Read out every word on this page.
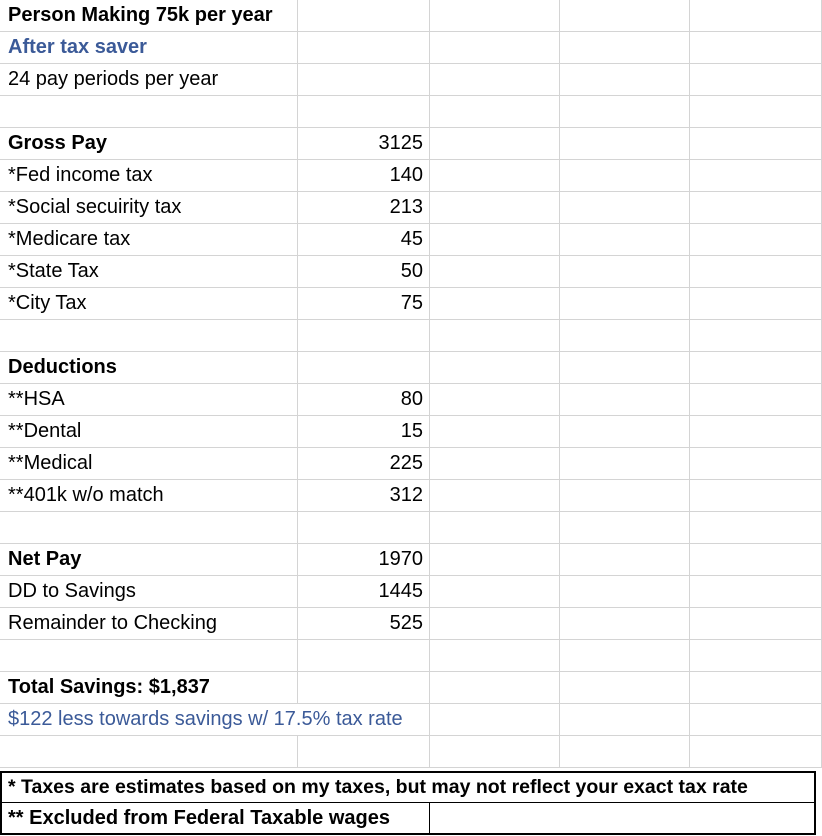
Person Making 75k per year
After tax saver
24 pay periods per year
Gross Pay	3125
*Fed income tax	140
*Social secuirity tax	213
*Medicare tax	45
*State Tax	50
*City Tax	75
Deductions
**HSA	80
**Dental	15
**Medical	225
**401k w/o match	312
Net Pay	1970
DD to Savings	1445
Remainder to Checking	525
Total Savings: $1,837
$122 less towards savings w/ 17.5% tax rate
* Taxes are estimates based on my taxes, but may not reflect your exact tax rate
** Excluded from Federal Taxable wages
